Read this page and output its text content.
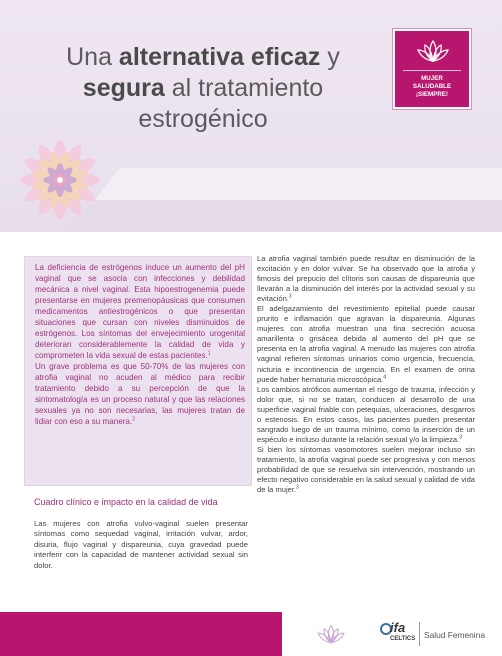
Una alternativa eficaz y
segura al tratamiento
estrogénico
MUJER
SALUDABLE
¡SIEMPRE!

La deficiencia de estrógenos induce un aumento del pH vaginal que se asocia con infecciones y debilidad mecánica a nivel vaginal. Esta hipoestrogenemia puede presentarse en mujeres premenopáusicas que consumen medicamentos antiestrogénicos o que presentan situaciones que cursan con niveles disminuidos de estrógenos. Los síntomas del envejecimiento urogenital deterioran considerablemente la calidad de vida y comprometen la vida sexual de estas pacientes.$^1$

Un grave problema es que 50-70% de las mujeres con atrofia vaginal no acuden al médico para recibir tratamiento debido a su percepción de que la sintomatología es un proceso natural y que las relaciones sexuales ya no son necesarias, las mujeres tratan de lidiar con eso a su manera.$^2$

Cuadro clínico e impacto en la calidad de vida
Las mujeres con atrofia vulvo-vaginal suelen presentar síntomas como sequedad vaginal, irritación vulvar, ardor, disuria, flujo vaginal y dispareunia, cuya gravedad puede interferir con la capacidad de mantener actividad sexual sin dolor.

La atrofia vaginal también puede resultar en disminución de la excitación y en dolor vulvar. Se ha observado que la atrofia y fimosis del prepucio del clítoris son causas de dispareunia que llevarán a la disminución del interés por la actividad sexual y su evitación.$^3$

El adelgazamiento del revestimiento epitelial puede causar prurito e inflamación que agravan la dispareunia. Algunas mujeres con atrofia muestran una fina secreción acuosa amarillenta o grisácea debida al aumento del pH que se presenta en la atrofia vaginal. A menudo las mujeres con atrofia vaginal refieren síntomas urinarios como urgencia, frecuencia, nicturia e incontinencia de urgencia. En el examen de orina puede haber hematuria microscópica.$^4$

Los cambios atróficos aumentan el riesgo de trauma, infección y dolor que, si no se tratan, conducen al desarrollo de una superficie vaginal friable con petequias, ulceraciones, desgarros o estenosis. En estos casos, las pacientes pueden presentar sangrado luego de un trauma mínimo, como la inserción de un espéculo e incluso durante la relación sexual y/o la limpieza.$^3$

Si bien los síntomas vasomotores suelen mejorar incluso sin tratamiento, la atrofia vaginal puede ser progresiva y con menos probabilidad de que se resuelva sin intervención, mostrando un efecto negativo considerable en la salud sexual y calidad de vida de la mujer.$^3$

ifa
CELTICS Salud Femenina
